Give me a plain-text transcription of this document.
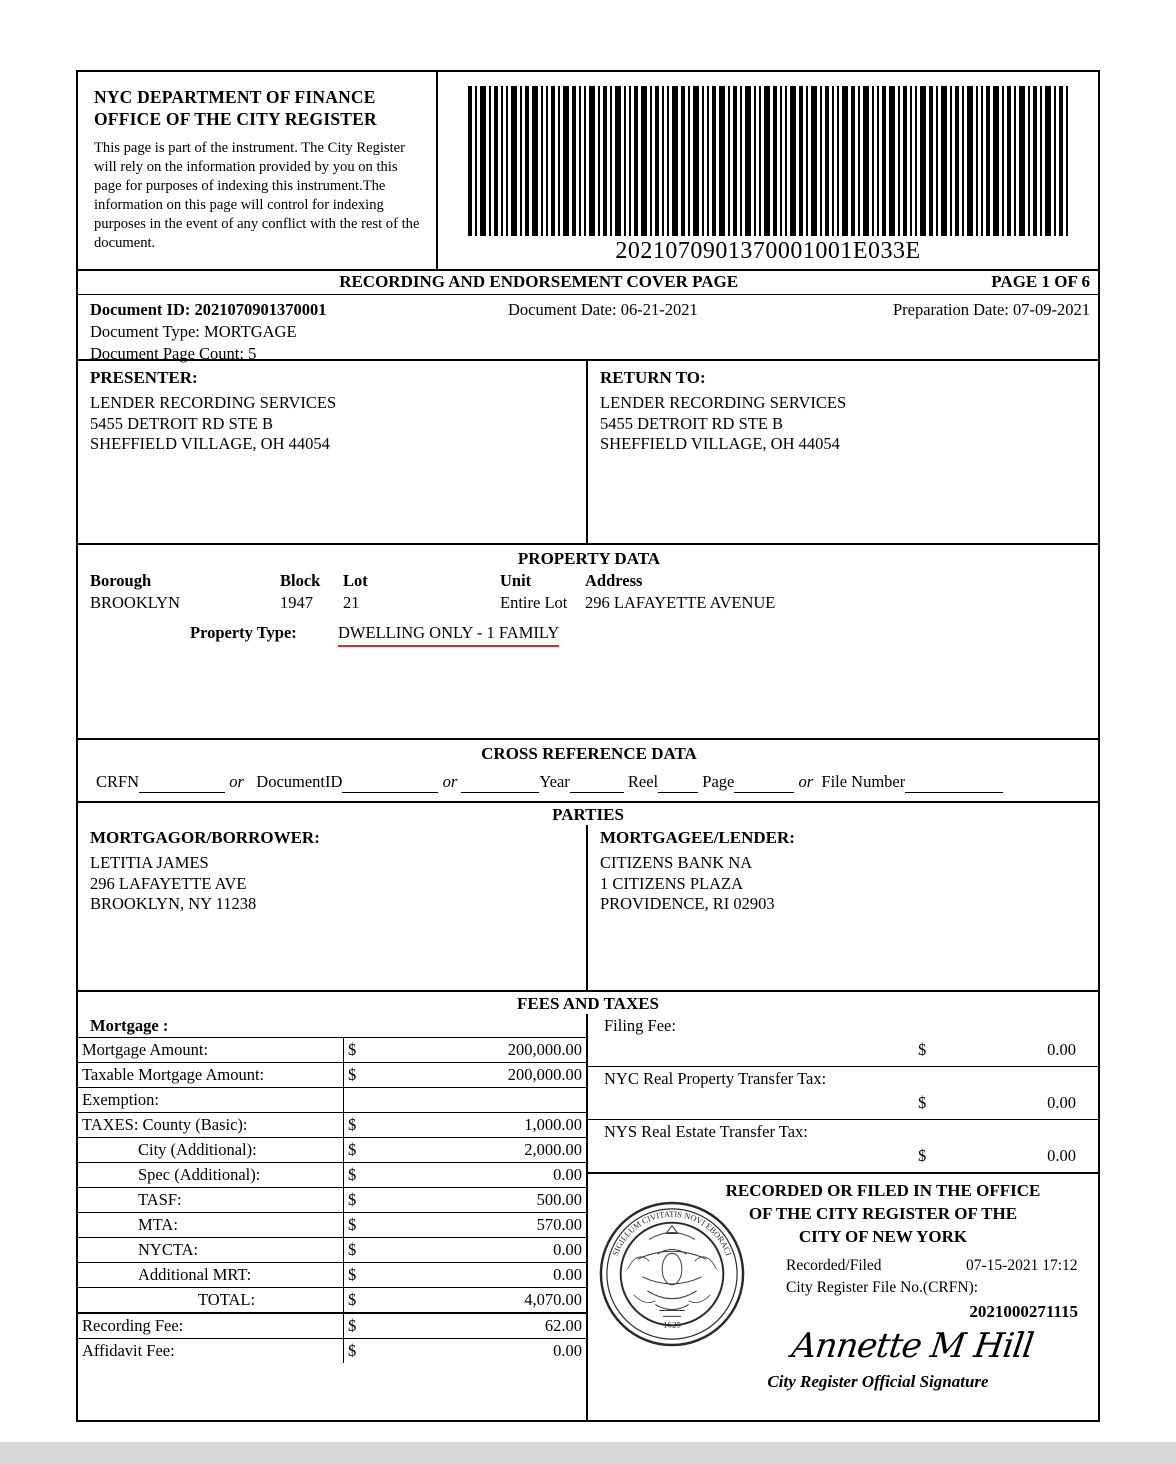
NYC DEPARTMENT OF FINANCE
OFFICE OF THE CITY REGISTER
This page is part of the instrument. The City Register will rely on the information provided by you on this page for purposes of indexing this instrument.The information on this page will control for indexing purposes in the event of any conflict with the rest of the document.	2021070901370001001E033E
RECORDING AND ENDORSEMENT COVER PAGE	PAGE 1 OF 6
Document ID: 2021070901370001
Document Type: MORTGAGE
Document Page Count: 5
Document Date: 06-21-2021	Preparation Date: 07-09-2021
PRESENTER:
LENDER RECORDING SERVICES
5455 DETROIT RD STE B
SHEFFIELD VILLAGE, OH 44054
RETURN TO:
LENDER RECORDING SERVICES
5455 DETROIT RD STE B
SHEFFIELD VILLAGE, OH 44054
PROPERTY DATA
Borough	Block Lot	Unit	Address
BROOKLYN	1947 21	Entire Lot 296 LAFAYETTE AVENUE
Property Type: DWELLING ONLY - 1 FAMILY
CROSS REFERENCE DATA
CRFN	or DocumentID	or	Year	Reel	Page	or File Number
PARTIES
MORTGAGOR/BORROWER:
LETITIA JAMES
296 LAFAYETTE AVE
BROOKLYN, NY 11238
MORTGAGEE/LENDER:
CITIZENS BANK NA
1 CITIZENS PLAZA
PROVIDENCE, RI 02903
FEES AND TAXES
Mortgage :
Mortgage Amount:	$	200,000.00
Taxable Mortgage Amount:	$	200,000.00
Exemption:		
TAXES: County (Basic):	$	1,000.00
City (Additional):	$	2,000.00
Spec (Additional):	$	0.00
TASF:	$	500.00
MTA:	$	570.00
NYCTA:	$	0.00
Additional MRT:	$	0.00
TOTAL:	$	4,070.00
Recording Fee:	$	62.00
Affidavit Fee:	$	0.00
Filing Fee:
$	0.00
NYC Real Property Transfer Tax:
$	0.00
NYS Real Estate Transfer Tax:
$	0.00
1625
SIGILLUM CIVITATIS NOVI EBORACI
RECORDED OR FILED IN THE OFFICE
OF THE CITY REGISTER OF THE
CITY OF NEW YORK
Recorded/Filed	07-15-2021 17:12
City Register File No.(CRFN):
2021000271115
Annette M Hill
City Register Official Signature
